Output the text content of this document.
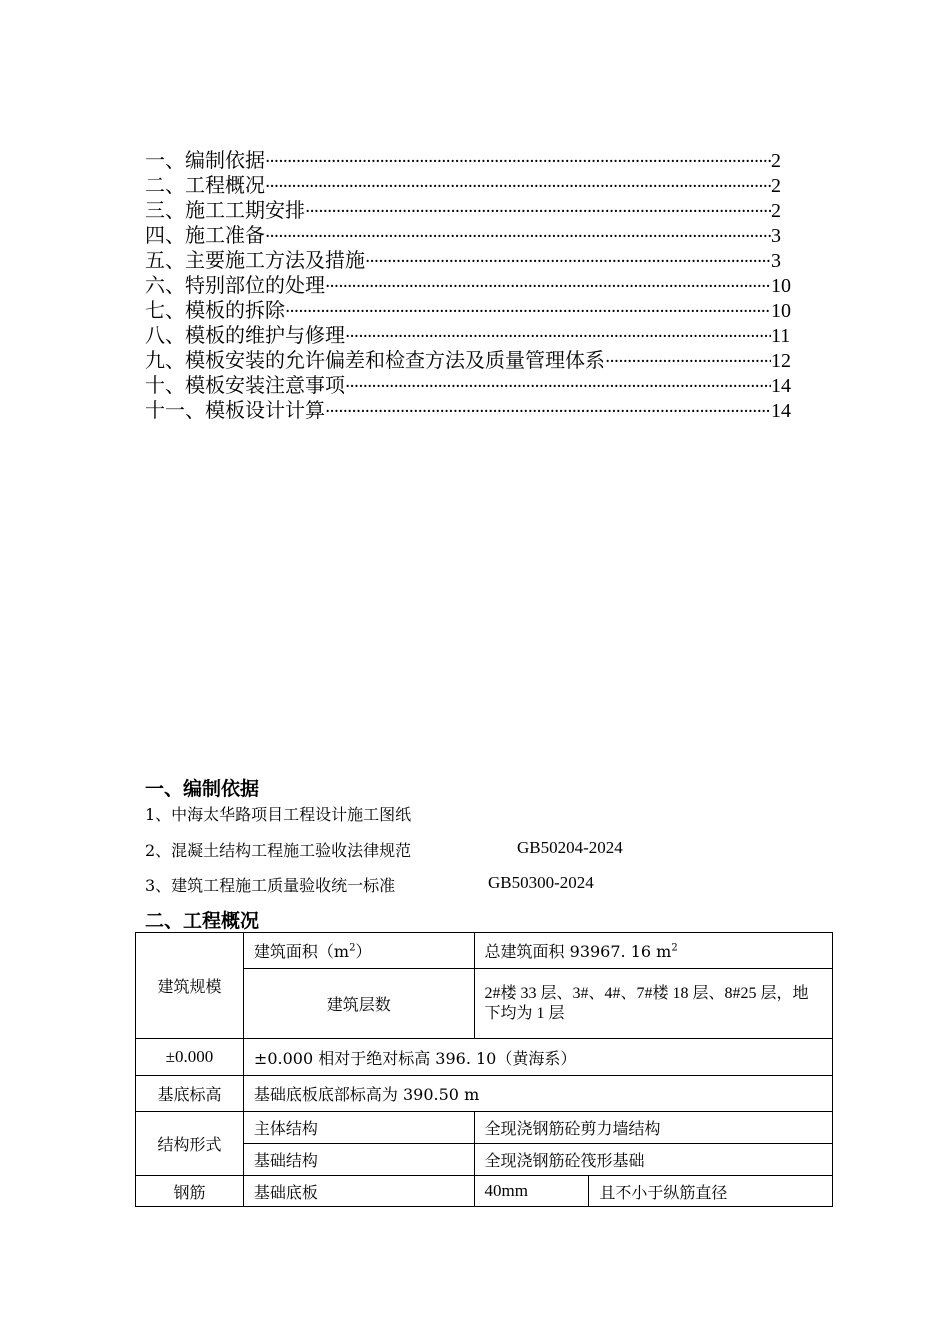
一、编制依据 ·····	2
二、工程概况 ·····	2
三、施工工期安排 ·····	2
四、施工准备 ·····	3
五、主要施工方法及措施 ·····	3
六、特别部位的处理 ·····	10
七、模板的拆除 ·····	10
八、模板的维护与修理 ·····	11
九、模板安装的允许偏差和检查方法及质量管理体系 ·····	12
十、模板安装注意事项 ·····	14
十一、模板设计计算 ·····	14
一、编制依据
1、中海太华路项目工程设计施工图纸
2、混凝土结构工程施工验收法律规范	GB50204-2024
3、建筑工程施工质量验收统一标准	GB50300-2024
二、工程概况
建筑规模	建筑面积$(m^2)$	总建筑面积 93967. 16 $m^2$
	建筑层数	2#楼 33 层、3#、4#、7#楼 18 层、8#25 层，地下均为 1 层	
±0.000	±0.000 相对于绝对标高 396. 10（黄海系）		
基底标高	基础底板底部标高为 390.50 m		
结构形式	主体结构	全现浇钢筋砼剪力墙结构	
	基础结构	全现浇钢筋砼筏形基础	
钢筋	基础底板	40mm	且不小于纵筋直径
